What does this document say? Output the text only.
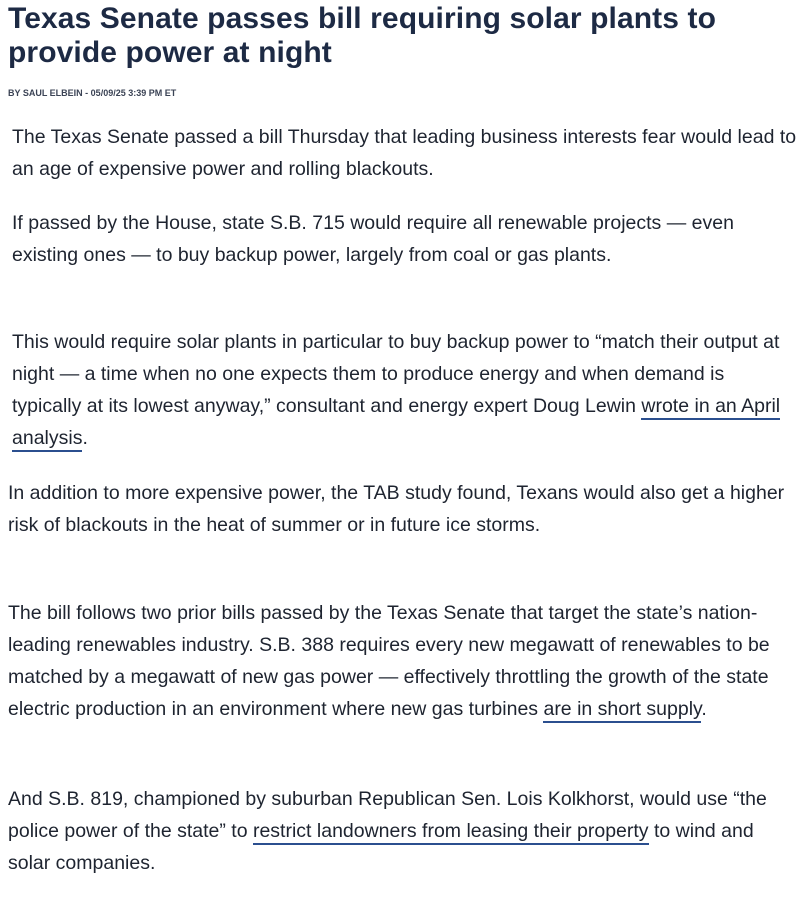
Texas Senate passes bill requiring solar plants to provide power at night

BY SAUL ELBEIN - 05/09/25 3:39 PM ET

The Texas Senate passed a bill Thursday that leading business interests fear would lead to an age of expensive power and rolling blackouts.

If passed by the House, state S.B. 715 would require all renewable projects — even existing ones — to buy backup power, largely from coal or gas plants.

This would require solar plants in particular to buy backup power to “match their output at night — a time when no one expects them to produce energy and when demand is typically at its lowest anyway,” consultant and energy expert Doug Lewin wrote in an April analysis.

In addition to more expensive power, the TAB study found, Texans would also get a higher risk of blackouts in the heat of summer or in future ice storms.

The bill follows two prior bills passed by the Texas Senate that target the state’s nation-leading renewables industry. S.B. 388 requires every new megawatt of renewables to be matched by a megawatt of new gas power — effectively throttling the growth of the state electric production in an environment where new gas turbines are in short supply.

And S.B. 819, championed by suburban Republican Sen. Lois Kolkhorst, would use “the police power of the state” to restrict landowners from leasing their property to wind and solar companies.
